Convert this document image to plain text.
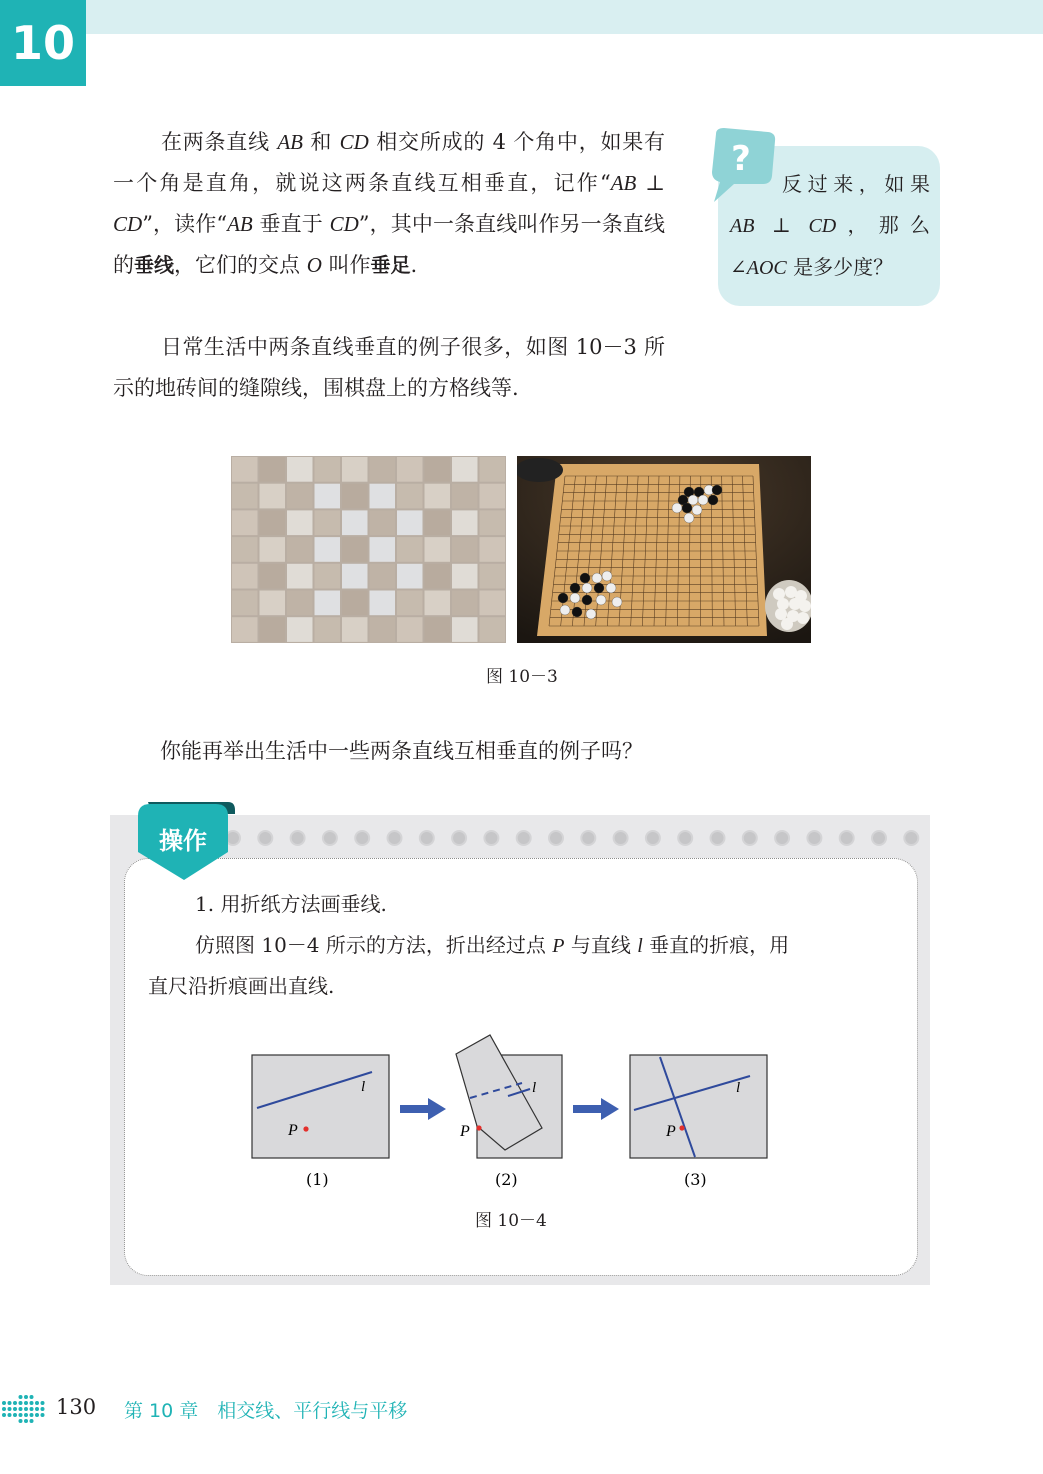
10

在两条直线 AB 和 CD 相交所成的 4 个角中，如果有一个角是直角，就说这两条直线互相垂直，记作“AB ⊥ CD”，读作“AB 垂直于 CD”，其中一条直线叫作另一条直线的垂线，它们的交点 O 叫作垂足.

日常生活中两条直线垂直的例子很多，如图 10－3 所示的地砖间的缝隙线，围棋盘上的方格线等.

?
反过来，如果 AB ⊥ CD，那么 ∠AOC 是多少度？
图 10－3

你能再举出生活中一些两条直线互相垂直的例子吗？

操作

1. 用折纸方法画垂线.

仿照图 10－4 所示的方法，折出经过点 P 与直线 l 垂直的折痕，用

直尺沿折痕画出直线.

l
P
(1)
l
P
(2)
l
P
(3)
图 10－4
130 第 10 章　相交线、平行线与平移
